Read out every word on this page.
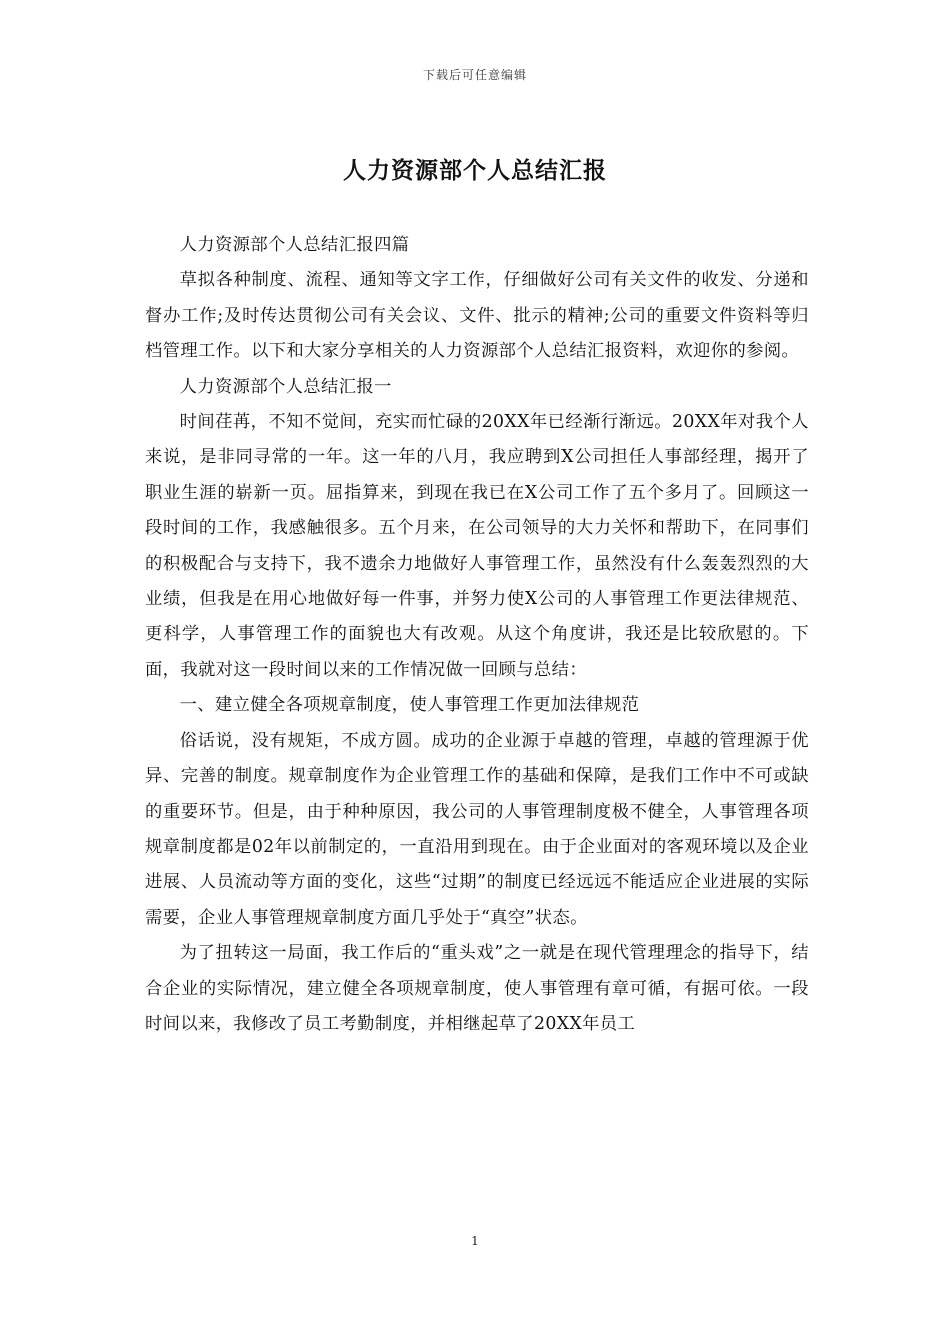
下载后可任意编辑
人力资源部个人总结汇报

人力资源部个人总结汇报四篇

草拟各种制度、流程、通知等文字工作，仔细做好公司有关文件的收发、分递和督办工作;及时传达贯彻公司有关会议、文件、批示的精神;公司的重要文件资料等归档管理工作。以下和大家分享相关的人力资源部个人总结汇报资料，欢迎你的参阅。

人力资源部个人总结汇报一

时间荏苒，不知不觉间，充实而忙碌的20XX年已经渐行渐远。20XX年对我个人来说，是非同寻常的一年。这一年的八月，我应聘到X公司担任人事部经理，揭开了职业生涯的崭新一页。屈指算来，到现在我已在X公司工作了五个多月了。回顾这一段时间的工作，我感触很多。五个月来，在公司领导的大力关怀和帮助下，在同事们的积极配合与支持下，我不遗余力地做好人事管理工作，虽然没有什么轰轰烈烈的大业绩，但我是在用心地做好每一件事，并努力使X公司的人事管理工作更法律规范、更科学，人事管理工作的面貌也大有改观。从这个角度讲，我还是比较欣慰的。下面，我就对这一段时间以来的工作情况做一回顾与总结：

一、建立健全各项规章制度，使人事管理工作更加法律规范

俗话说，没有规矩，不成方圆。成功的企业源于卓越的管理，卓越的管理源于优异、完善的制度。规章制度作为企业管理工作的基础和保障，是我们工作中不可或缺的重要环节。但是，由于种种原因，我公司的人事管理制度极不健全，人事管理各项规章制度都是02年以前制定的，一直沿用到现在。由于企业面对的客观环境以及企业进展、人员流动等方面的变化，这些“过期”的制度已经远远不能适应企业进展的实际需要，企业人事管理规章制度方面几乎处于“真空”状态。

为了扭转这一局面，我工作后的“重头戏”之一就是在现代管理理念的指导下，结合企业的实际情况，建立健全各项规章制度，使人事管理有章可循，有据可依。一段时间以来，我修改了员工考勤制度，并相继起草了20XX年员工

1
